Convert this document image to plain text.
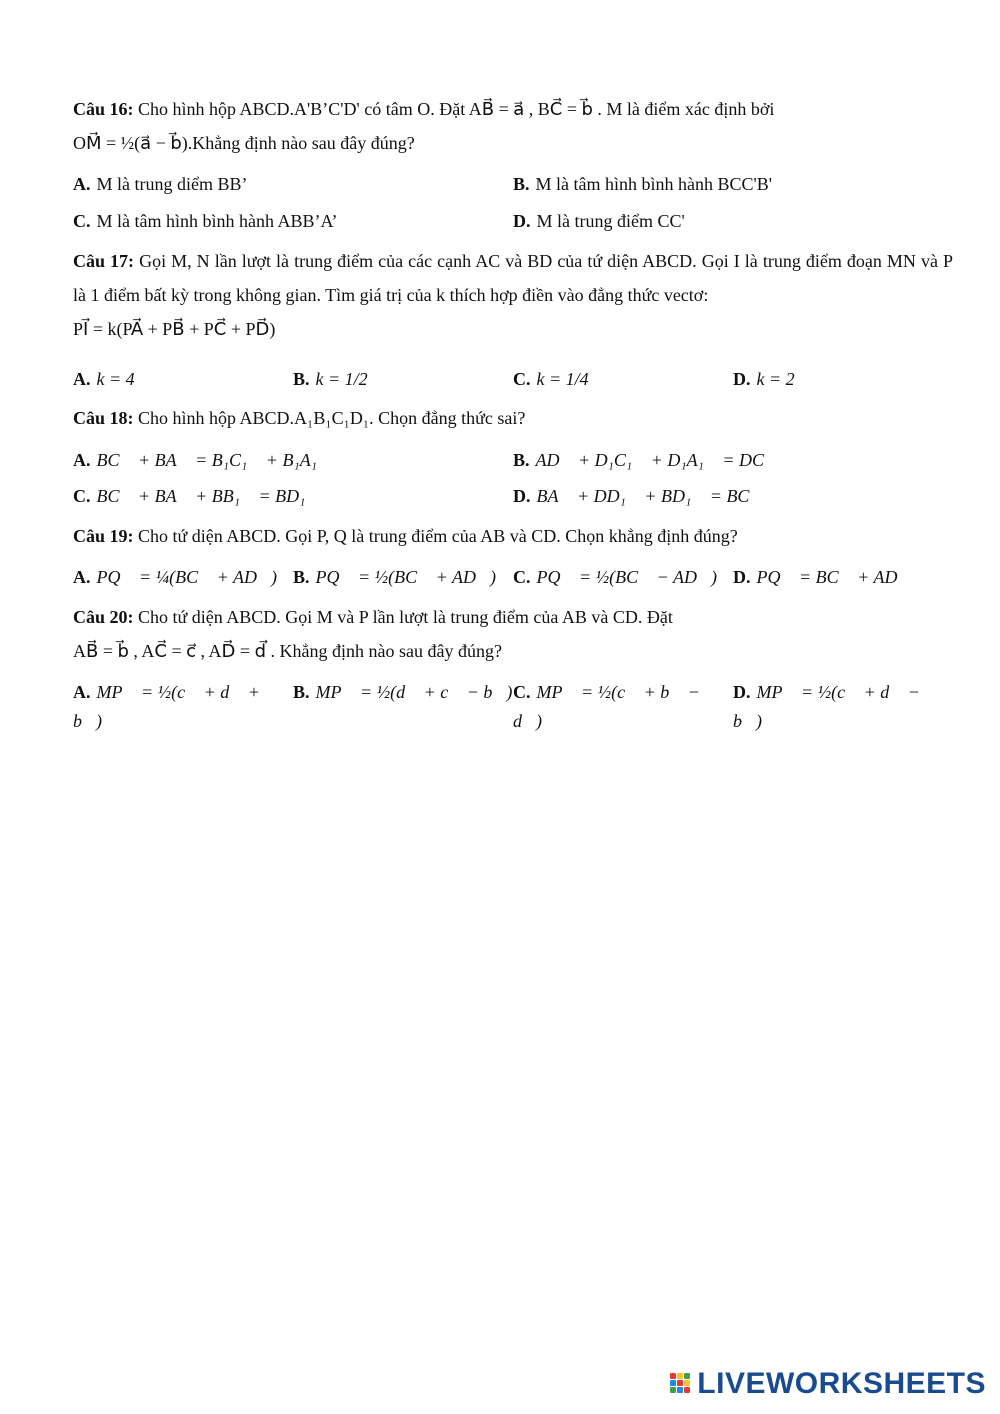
Câu 16: Cho hình hộp ABCD.A'B’C'D' có tâm O. Đặt AB⃗ = a⃗ , BC⃗ = b⃗ . M là điểm xác định bởi
OM⃗ = ½(a⃗ − b⃗).Khẳng định nào sau đây đúng?
A. M là trung diểm BB’	B. M là tâm hình bình hành BCC'B'
C. M là tâm hình bình hành ABB’A’	D. M là trung điểm CC'
Câu 17: Gọi M, N lần lượt là trung điểm của các cạnh AC và BD của tứ diện ABCD. Gọi I là trung điểm đoạn MN và P là 1 điểm bất kỳ trong không gian. Tìm giá trị của k thích hợp điền vào đẳng thức vectơ:
PI⃗ = k(PA⃗ + PB⃗ + PC⃗ + PD⃗)
A. k = 4	B. k = 1/2	C. k = 1/4	D. k = 2
Câu 18: Cho hình hộp ABCD.A₁B₁C₁D₁. Chọn đẳng thức sai?
A. BC⃗ + BA⃗ = B₁C₁⃗ + B₁A₁⃗	B. AD⃗ + D₁C₁⃗ + D₁A₁⃗ = DC⃗
C. BC⃗ + BA⃗ + BB₁⃗ = BD₁⃗	D. BA⃗ + DD₁⃗ + BD₁⃗ = BC⃗
Câu 19: Cho tứ diện ABCD. Gọi P, Q là trung điểm của AB và CD. Chọn khẳng định đúng?
A. PQ⃗ = ¼(BC⃗ + AD⃗) B. PQ⃗ = ½(BC⃗ + AD⃗) C. PQ⃗ = ½(BC⃗ − AD⃗) D. PQ⃗ = BC⃗ + AD⃗
Câu 20: Cho tứ diện ABCD. Gọi M và P lần lượt là trung điểm của AB và CD. Đặt
AB⃗ = b⃗ , AC⃗ = c⃗ , AD⃗ = d⃗ . Khẳng định nào sau đây đúng?
A. MP⃗ = ½(c⃗ + d⃗ + b⃗)
B. MP⃗ = ½(d⃗ + c⃗ − b⃗) C. MP⃗ = ½(c⃗ + b⃗ − d⃗)
D. MP⃗ = ½(c⃗ + d⃗ − b⃗)
LIVEWORKSHEETS
